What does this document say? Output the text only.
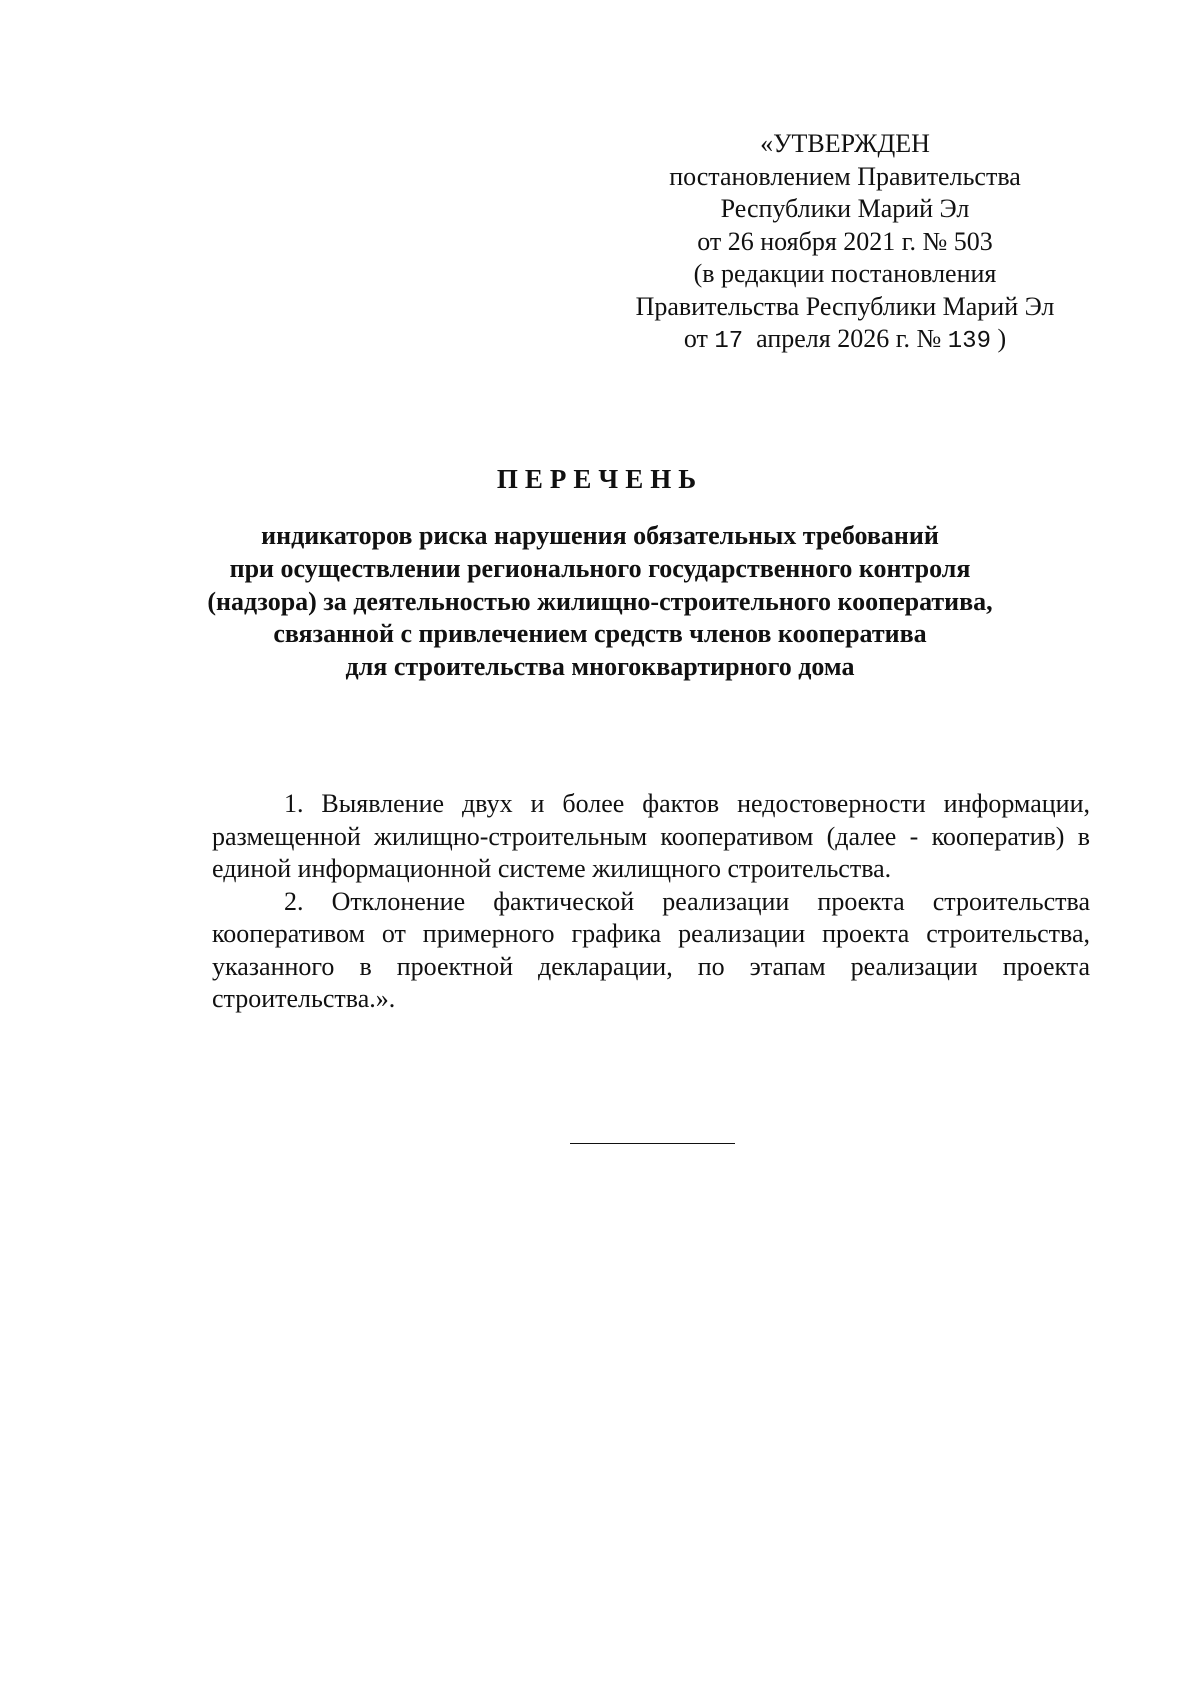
«УТВЕРЖДЕН
постановлением Правительства
Республики Марий Эл
от 26 ноября 2021 г. № 503
(в редакции постановления
Правительства Республики Марий Эл
от 17 апреля 2026 г. № 139 )
ПЕРЕЧЕНЬ
индикаторов риска нарушения обязательных требований
при осуществлении регионального государственного контроля
(надзора) за деятельностью жилищно-строительного кооператива,
связанной с привлечением средств членов кооператива
для строительства многоквартирного дома

1. Выявление двух и более фактов недостоверности информации, размещенной жилищно-строительным кооперативом (далее - кооператив) в единой информационной системе жилищного строительства.

2. Отклонение фактической реализации проекта строительства кооперативом от примерного графика реализации проекта строительства, указанного в проектной декларации, по этапам реализации проекта строительства.».
